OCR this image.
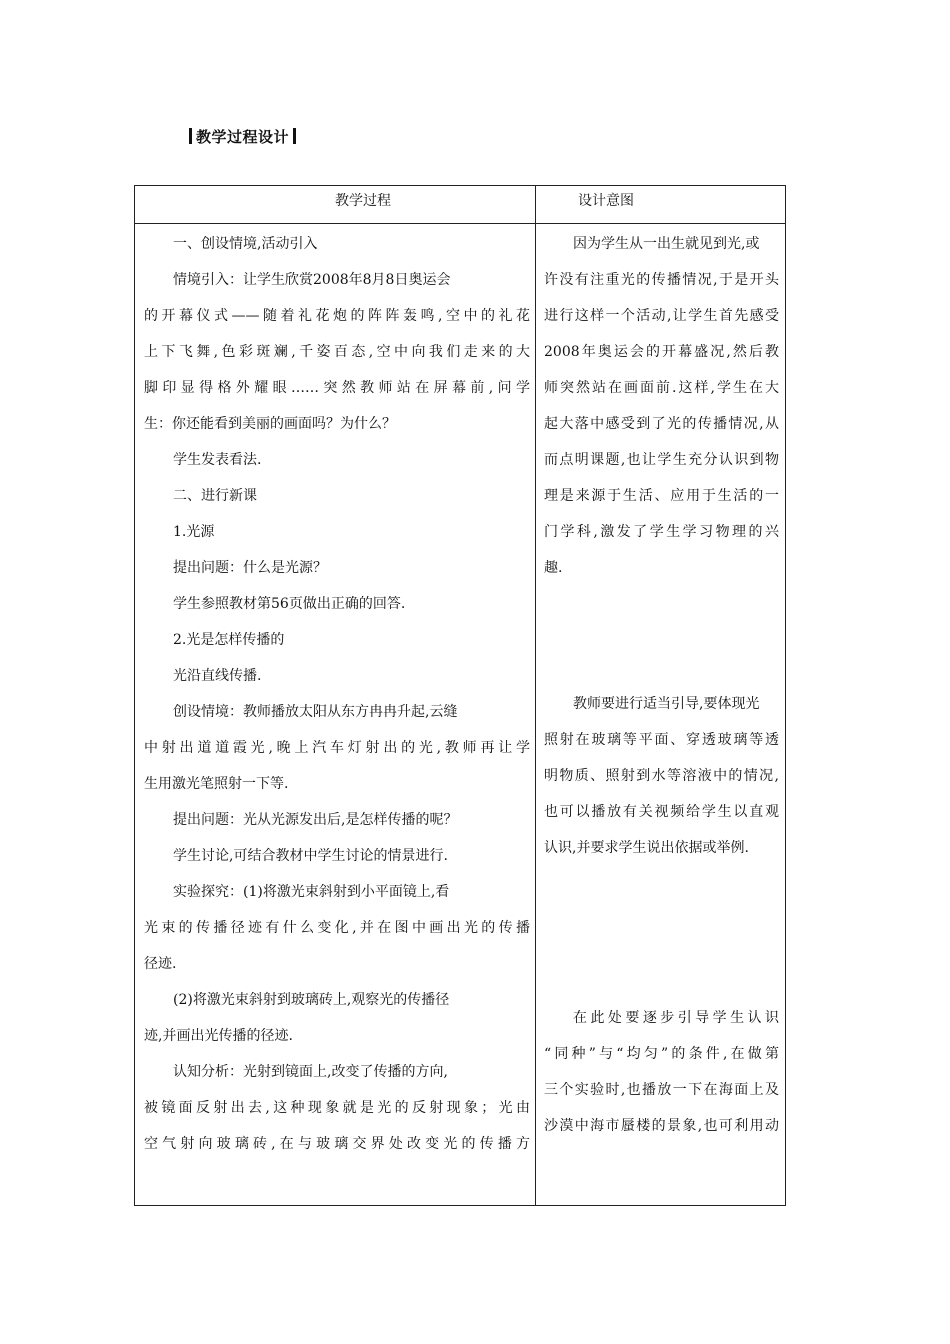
教学过程设计
教学过程	设计意图
一、创设情境,活动引入
情境引入：让学生欣赏2008年8月8日奥运会
的开幕仪式——随着礼花炮的阵阵轰鸣,空中的礼花
上下飞舞,色彩斑斓,千姿百态,空中向我们走来的大
脚印显得格外耀眼……突然教师站在屏幕前,问学
生：你还能看到美丽的画面吗？为什么？
学生发表看法.
二、进行新课
1.光源
提出问题：什么是光源？
学生参照教材第56页做出正确的回答.
2.光是怎样传播的
光沿直线传播.
创设情境：教师播放太阳从东方冉冉升起,云缝
中射出道道霞光,晚上汽车灯射出的光,教师再让学
生用激光笔照射一下等.
提出问题：光从光源发出后,是怎样传播的呢？
学生讨论,可结合教材中学生讨论的情景进行.
实验探究：(1)将激光束斜射到小平面镜上,看
光束的传播径迹有什么变化,并在图中画出光的传播
径迹.
(2)将激光束斜射到玻璃砖上,观察光的传播径
迹,并画出光传播的径迹.
认知分析：光射到镜面上,改变了传播的方向,
被镜面反射出去,这种现象就是光的反射现象；光由
空气射向玻璃砖,在与玻璃交界处改变光的传播方
因为学生从一出生就见到光,或
许没有注重光的传播情况,于是开头
进行这样一个活动,让学生首先感受
2008年奥运会的开幕盛况,然后教
师突然站在画面前.这样,学生在大
起大落中感受到了光的传播情况,从
而点明课题,也让学生充分认识到物
理是来源于生活、应用于生活的一
门学科,激发了学生学习物理的兴
趣.
教师要进行适当引导,要体现光
照射在玻璃等平面、穿透玻璃等透
明物质、照射到水等溶液中的情况,
也可以播放有关视频给学生以直观
认识,并要求学生说出依据或举例.
在此处要逐步引导学生认识
“同种”与“均匀”的条件,在做第
三个实验时,也播放一下在海面上及
沙漠中海市蜃楼的景象,也可利用动
